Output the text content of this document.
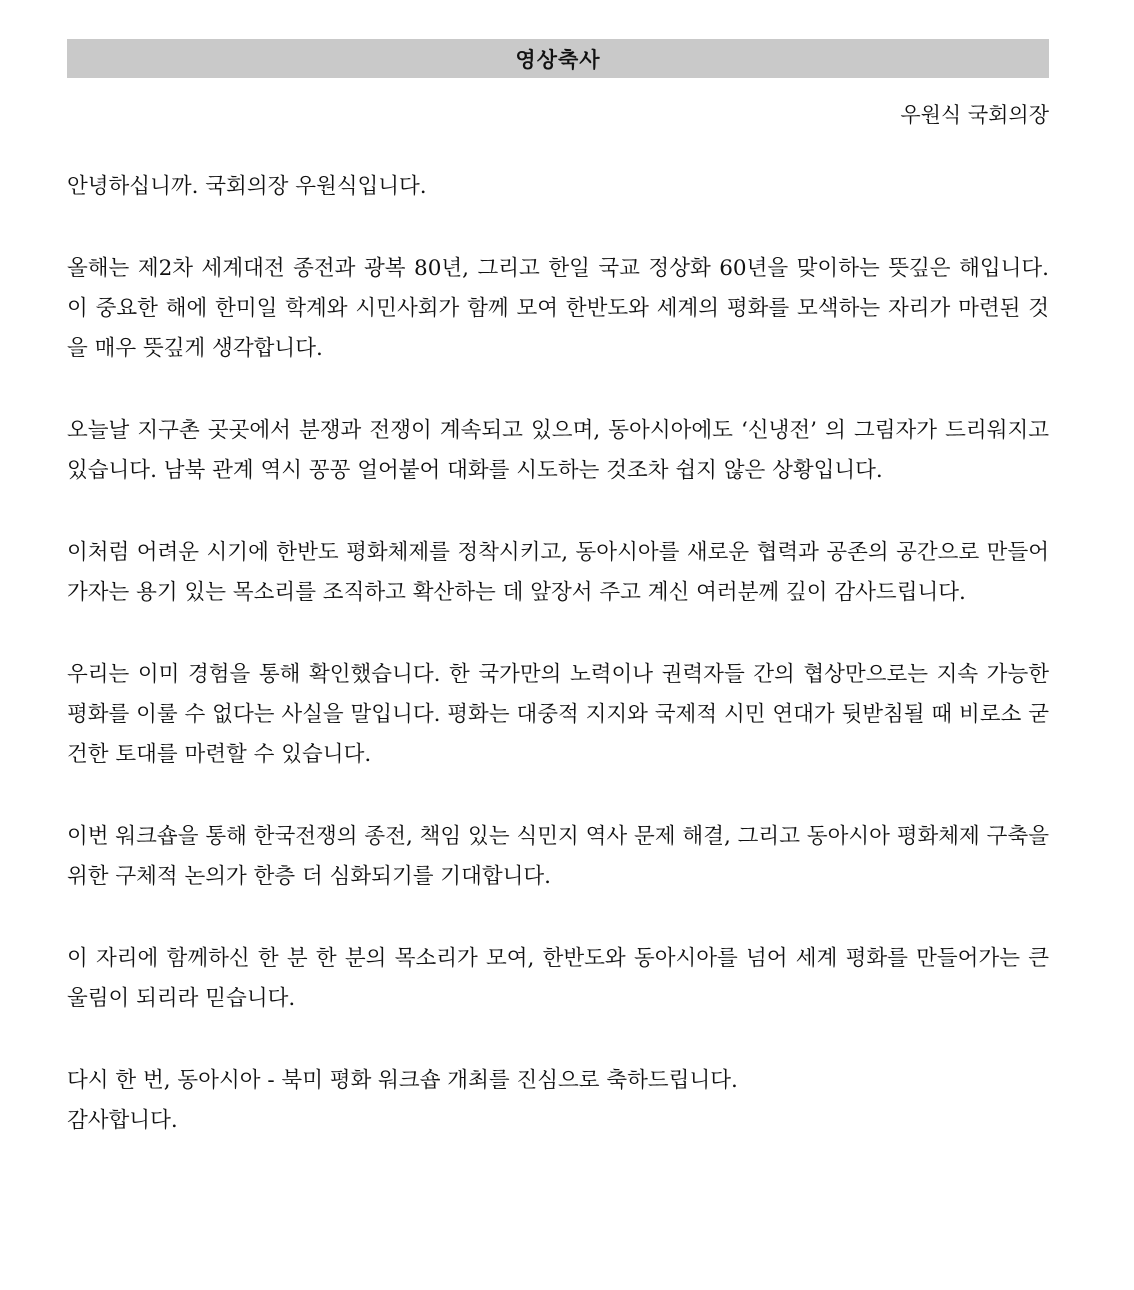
영상축사
우원식 국회의장

안녕하십니까. 국회의장 우원식입니다.

올해는 제2차 세계대전 종전과 광복 80년, 그리고 한일 국교 정상화 60년을 맞이하는 뜻깊은 해입니다. 이 중요한 해에 한미일 학계와 시민사회가 함께 모여 한반도와 세계의 평화를 모색하는 자리가 마련된 것을 매우 뜻깊게 생각합니다.

오늘날 지구촌 곳곳에서 분쟁과 전쟁이 계속되고 있으며, 동아시아에도 ‘신냉전’ 의 그림자가 드리워지고 있습니다. 남북 관계 역시 꽁꽁 얼어붙어 대화를 시도하는 것조차 쉽지 않은 상황입니다.

이처럼 어려운 시기에 한반도 평화체제를 정착시키고, 동아시아를 새로운 협력과 공존의 공간으로 만들어가자는 용기 있는 목소리를 조직하고 확산하는 데 앞장서 주고 계신 여러분께 깊이 감사드립니다.

우리는 이미 경험을 통해 확인했습니다. 한 국가만의 노력이나 권력자들 간의 협상만으로는 지속 가능한 평화를 이룰 수 없다는 사실을 말입니다. 평화는 대중적 지지와 국제적 시민 연대가 뒷받침될 때 비로소 굳건한 토대를 마련할 수 있습니다.

이번 워크숍을 통해 한국전쟁의 종전, 책임 있는 식민지 역사 문제 해결, 그리고 동아시아 평화체제 구축을 위한 구체적 논의가 한층 더 심화되기를 기대합니다.

이 자리에 함께하신 한 분 한 분의 목소리가 모여, 한반도와 동아시아를 넘어 세계 평화를 만들어가는 큰 울림이 되리라 믿습니다.

다시 한 번, 동아시아 - 북미 평화 워크숍 개최를 진심으로 축하드립니다.

감사합니다.
